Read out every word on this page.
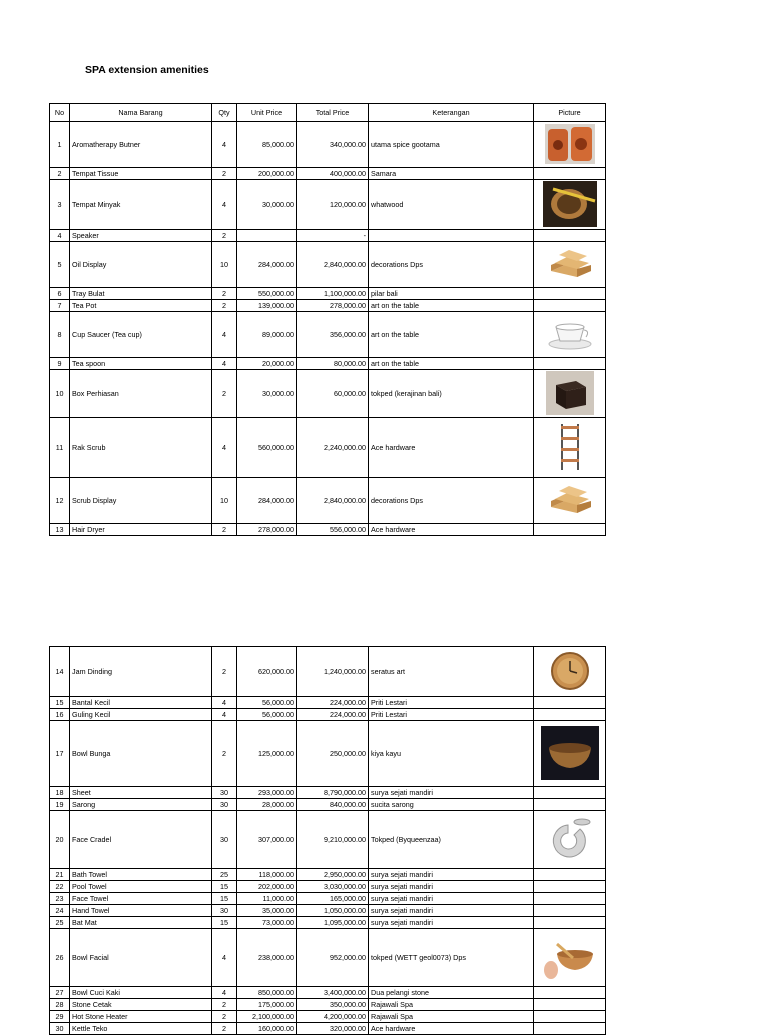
SPA extension amenities
No	Nama Barang	Qty	Unit Price	Total Price	Keterangan	Picture
1	Aromatherapy Butner	4	85,000.00	340,000.00	utama spice gootama	

2	Tempat Tissue	2	200,000.00	400,000.00	Samara	
3	Tempat Minyak	4	30,000.00	120,000.00	whatwood	

4	Speaker	2		-		
5	Oil Display	10	284,000.00	2,840,000.00	decorations Dps	

6	Tray Bulat	2	550,000.00	1,100,000.00	pilar bali	
7	Tea Pot	2	139,000.00	278,000.00	art on the table	
8	Cup Saucer (Tea cup)	4	89,000.00	356,000.00	art on the table	

9	Tea spoon	4	20,000.00	80,000.00	art on the table	
10	Box Perhiasan	2	30,000.00	60,000.00	tokped (kerajinan bali)	

11	Rak Scrub	4	560,000.00	2,240,000.00	Ace hardware	

12	Scrub Display	10	284,000.00	2,840,000.00	decorations Dps	

13	Hair Dryer	2	278,000.00	556,000.00	Ace hardware	
14	Jam Dinding	2	620,000.00	1,240,000.00	seratus art	

15	Bantal Kecil	4	56,000.00	224,000.00	Priti Lestari	
16	Guling Kecil	4	56,000.00	224,000.00	Priti Lestari	
17	Bowl Bunga	2	125,000.00	250,000.00	kiya kayu	

18	Sheet	30	293,000.00	8,790,000.00	surya sejati mandiri	
19	Sarong	30	28,000.00	840,000.00	sucita sarong	
20	Face Cradel	30	307,000.00	9,210,000.00	Tokped (Byqueenzaa)	

21	Bath Towel	25	118,000.00	2,950,000.00	surya sejati mandiri	
22	Pool Towel	15	202,000.00	3,030,000.00	surya sejati mandiri	
23	Face Towel	15	11,000.00	165,000.00	surya sejati mandiri	
24	Hand Towel	30	35,000.00	1,050,000.00	surya sejati mandiri	
25	Bat Mat	15	73,000.00	1,095,000.00	surya sejati mandiri	
26	Bowl Facial	4	238,000.00	952,000.00	tokped (WETT geol0073) Dps	

27	Bowl Cuci Kaki	4	850,000.00	3,400,000.00	Dua pelangi stone	
28	Stone Cetak	2	175,000.00	350,000.00	Rajawali Spa	
29	Hot Stone Heater	2	2,100,000.00	4,200,000.00	Rajawali Spa	
30	Kettle Teko	2	160,000.00	320,000.00	Ace hardware	
